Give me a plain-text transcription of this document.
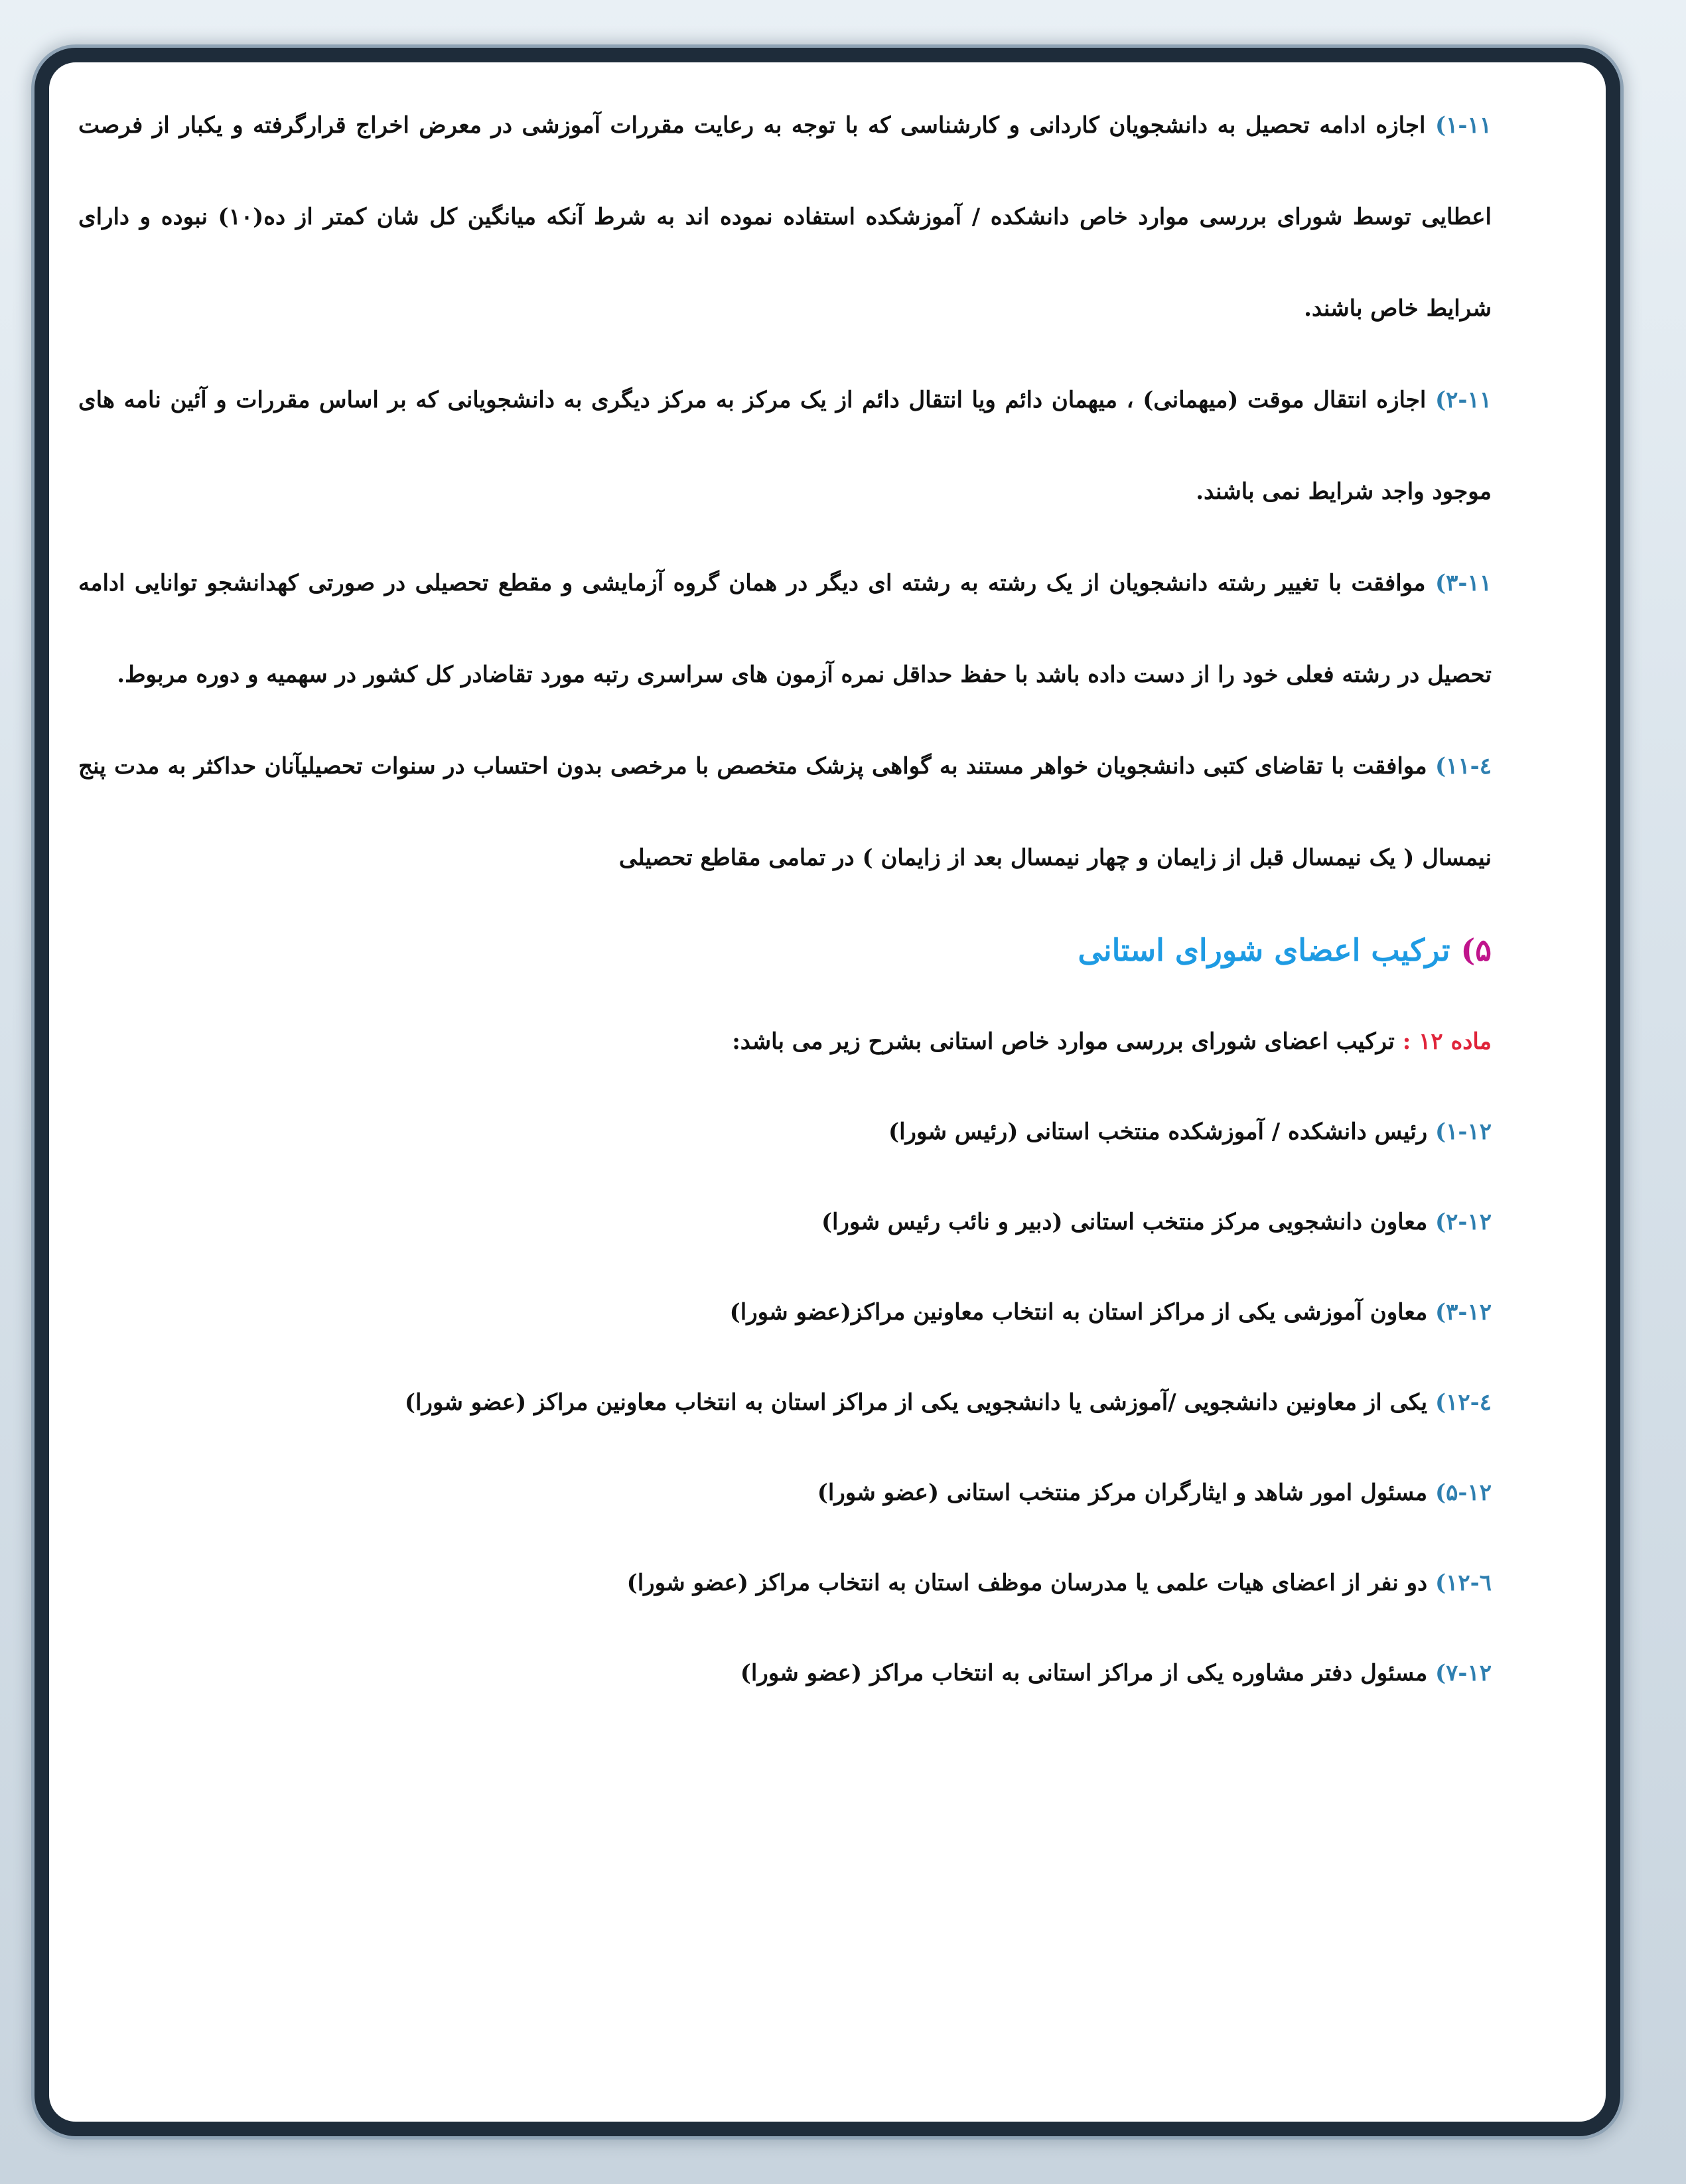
۱-۱۱) اجازه ادامه تحصیل به دانشجویان کاردانی و کارشناسی که با توجه به رعایت مقررات آموزشی در معرض اخراج قرارگرفته و یکبار از فرصت اعطایی توسط شورای بررسی موارد خاص دانشکده / آموزشکده استفاده نموده اند به شرط آنکه میانگین کل شان کمتر از ده(۱۰) نبوده و دارای شرایط خاص باشند.

۲-۱۱) اجازه انتقال موقت (میهمانی) ، میهمان دائم ویا انتقال دائم از یک مرکز به مرکز دیگری به دانشجویانی که بر اساس مقررات و آئین نامه های موجود واجد شرایط نمی باشند.

۳-۱۱) موافقت با تغییر رشته دانشجویان از یک رشته به رشته ای دیگر در همان گروه آزمایشی و مقطع تحصیلی در صورتی کهدانشجو توانایی ادامه تحصیل در رشته فعلی خود را از دست داده باشد با حفظ حداقل نمره آزمون های سراسری رتبه مورد تقاضادر کل کشور در سهمیه و دوره مربوط.

٤-۱۱) موافقت با تقاضای کتبی دانشجویان خواهر مستند به گواهی پزشک متخصص با مرخصی بدون احتساب در سنوات تحصیلیآنان حداکثر به مدت پنج نیمسال ( یک نیمسال قبل از زایمان و چهار نیمسال بعد از زایمان ) در تمامی مقاطع تحصیلی

۵) ترکیب اعضای شورای استانی

ماده ۱۲ : ترکیب اعضای شورای بررسی موارد خاص استانی بشرح زیر می باشد:

۱-۱۲) رئیس دانشکده / آموزشکده منتخب استانی (رئیس شورا)

۲-۱۲) معاون دانشجویی مرکز منتخب استانی (دبیر و نائب رئیس شورا)

۳-۱۲) معاون آموزشی یکی از مراکز استان به انتخاب معاونین مراکز(عضو شورا)

٤-۱۲) یکی از معاونین دانشجویی /آموزشی یا دانشجویی یکی از مراکز استان به انتخاب معاونین مراکز (عضو شورا)

۵-۱۲) مسئول امور شاهد و ایثارگران مرکز منتخب استانی (عضو شورا)

٦-۱۲) دو نفر از اعضای هیات علمی یا مدرسان موظف استان به انتخاب مراکز (عضو شورا)

۷-۱۲) مسئول دفتر مشاوره یکی از مراکز استانی به انتخاب مراکز (عضو شورا)
